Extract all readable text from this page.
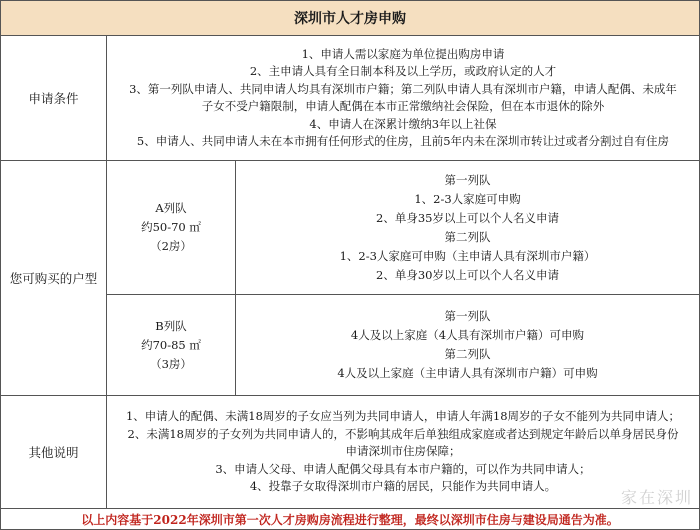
深圳市人才房申购
申请条件
1、申请人需以家庭为单位提出购房申请
2、主申请人具有全日制本科及以上学历，或政府认定的人才
3、第一列队申请人、共同申请人均具有深圳市户籍；第二列队申请人具有深圳市户籍，申请人配偶、未成年
子女不受户籍限制，申请人配偶在本市正常缴纳社会保险，但在本市退休的除外
4、申请人在深累计缴纳3年以上社保
5、申请人、共同申请人未在本市拥有任何形式的住房，且前5年内未在深圳市转让过或者分割过自有住房
您可购买的户型
A列队
约50-70 ㎡
（2房）
第一列队
1、2-3人家庭可申购
2、单身35岁以上可以个人名义申请
第二列队
1、2-3人家庭可申购（主申请人具有深圳市户籍）
2、单身30岁以上可以个人名义申请
B列队
约70-85 ㎡
（3房）
第一列队
4人及以上家庭（4人具有深圳市户籍）可申购
第二列队
4人及以上家庭（主申请人具有深圳市户籍）可申购
其他说明
1、申请人的配偶、未满18周岁的子女应当列为共同申请人，申请人年满18周岁的子女不能列为共同申请人；
2、未满18周岁的子女列为共同申请人的，不影响其成年后单独组成家庭或者达到规定年龄后以单身居民身份
申请深圳市住房保障；
3、申请人父母、申请人配偶父母具有本市户籍的，可以作为共同申请人；
4、投靠子女取得深圳市户籍的居民，只能作为共同申请人。
以上内容基于2022年深圳市第一次人才房购房流程进行整理，最终以深圳市住房与建设局通告为准。
家在深圳
